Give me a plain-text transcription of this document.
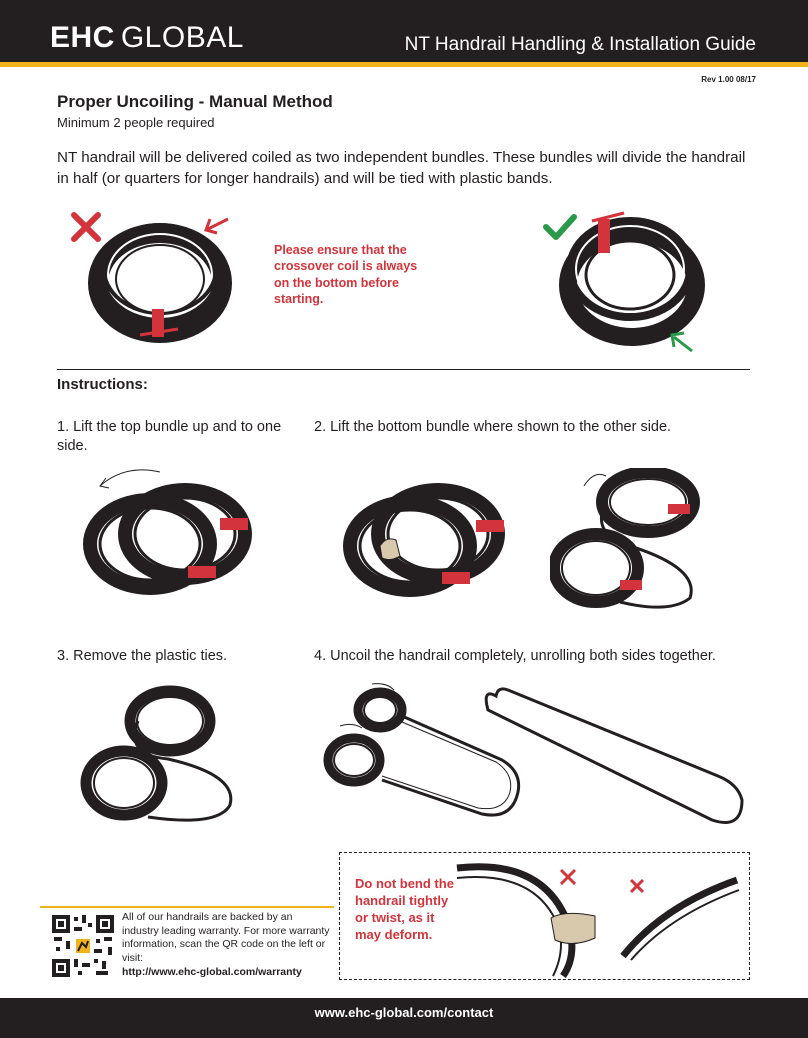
EHC GLOBAL	NT Handrail Handling & Installation Guide
Rev 1.00 08/17
Proper Uncoiling - Manual Method
Minimum 2 people required
NT handrail will be delivered coiled as two independent bundles. These bundles will divide the handrail in half (or quarters for longer handrails) and will be tied with plastic bands.
Please ensure that the crossover coil is always on the bottom before starting.
Instructions:
1. Lift the top bundle up and to one side.
2. Lift the bottom bundle where shown to the other side.
3. Remove the plastic ties.	4. Uncoil the handrail completely, unrolling both sides together.
Do not bend the handrail tightly or twist, as it may deform.
All of our handrails are backed by an industry leading warranty. For more warranty information, scan the QR code on the left or visit:
http://www.ehc-global.com/warranty
www.ehc-global.com/contact
